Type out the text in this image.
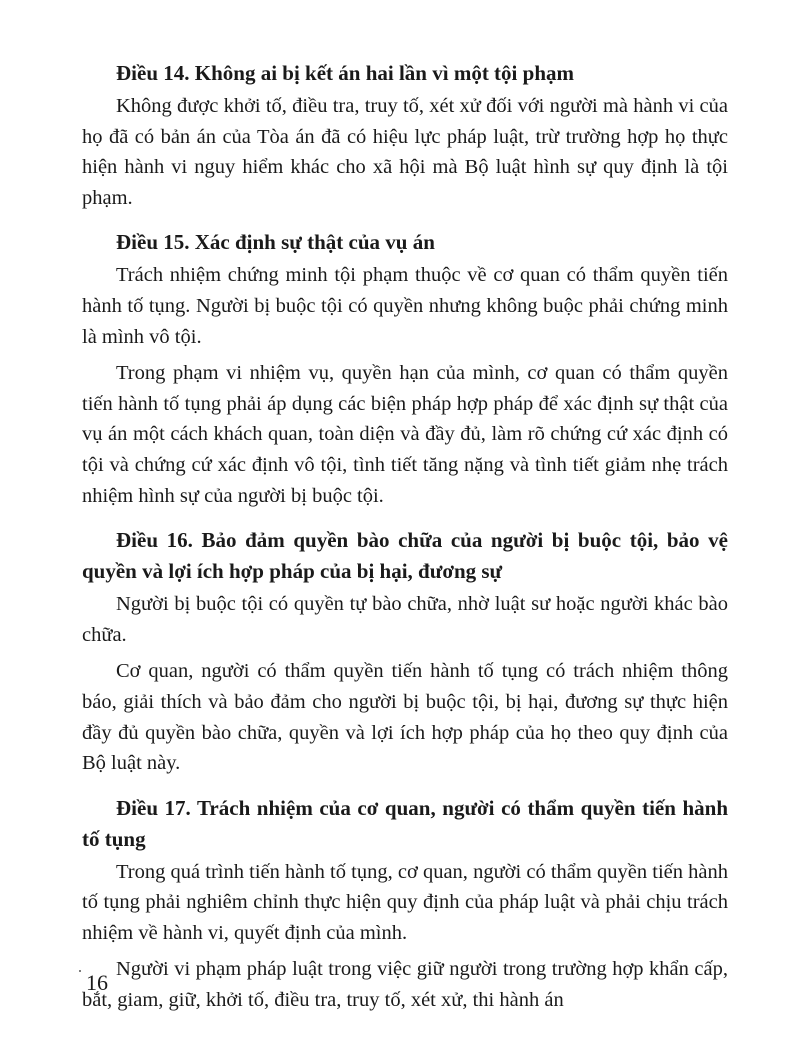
Điều 14. Không ai bị kết án hai lần vì một tội phạm

Không được khởi tố, điều tra, truy tố, xét xử đối với người mà hành vi của họ đã có bản án của Tòa án đã có hiệu lực pháp luật, trừ trường hợp họ thực hiện hành vi nguy hiểm khác cho xã hội mà Bộ luật hình sự quy định là tội phạm.

Điều 15. Xác định sự thật của vụ án

Trách nhiệm chứng minh tội phạm thuộc về cơ quan có thẩm quyền tiến hành tố tụng. Người bị buộc tội có quyền nhưng không buộc phải chứng minh là mình vô tội.

Trong phạm vi nhiệm vụ, quyền hạn của mình, cơ quan có thẩm quyền tiến hành tố tụng phải áp dụng các biện pháp hợp pháp để xác định sự thật của vụ án một cách khách quan, toàn diện và đầy đủ, làm rõ chứng cứ xác định có tội và chứng cứ xác định vô tội, tình tiết tăng nặng và tình tiết giảm nhẹ trách nhiệm hình sự của người bị buộc tội.

Điều 16. Bảo đảm quyền bào chữa của người bị buộc tội, bảo vệ quyền và lợi ích hợp pháp của bị hại, đương sự

Người bị buộc tội có quyền tự bào chữa, nhờ luật sư hoặc người khác bào chữa.

Cơ quan, người có thẩm quyền tiến hành tố tụng có trách nhiệm thông báo, giải thích và bảo đảm cho người bị buộc tội, bị hại, đương sự thực hiện đầy đủ quyền bào chữa, quyền và lợi ích hợp pháp của họ theo quy định của Bộ luật này.

Điều 17. Trách nhiệm của cơ quan, người có thẩm quyền tiến hành tố tụng

Trong quá trình tiến hành tố tụng, cơ quan, người có thẩm quyền tiến hành tố tụng phải nghiêm chỉnh thực hiện quy định của pháp luật và phải chịu trách nhiệm về hành vi, quyết định của mình.

Người vi phạm pháp luật trong việc giữ người trong trường hợp khẩn cấp, bắt, giam, giữ, khởi tố, điều tra, truy tố, xét xử, thi hành án

16
